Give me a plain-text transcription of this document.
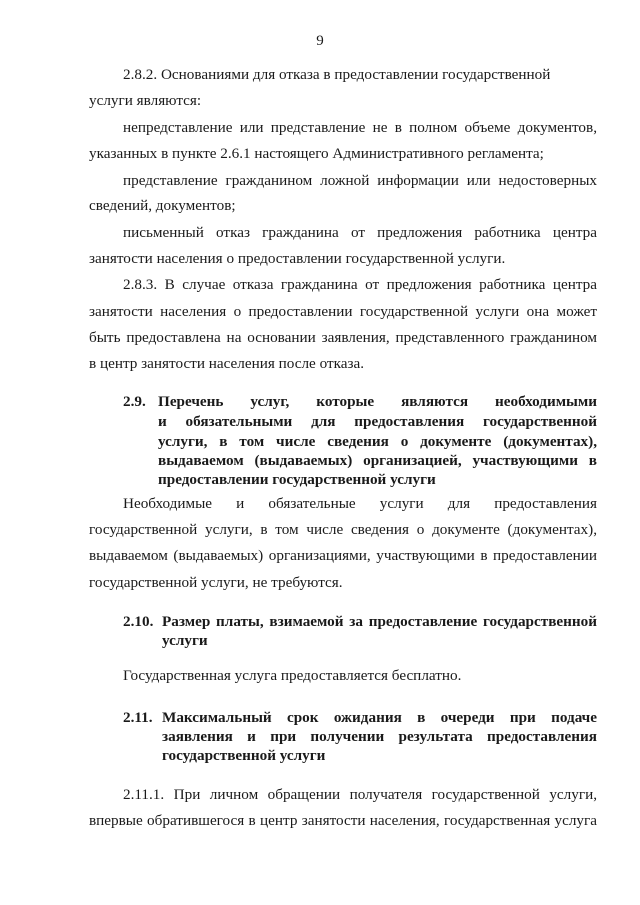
9
2.8.2. Основаниями для отказа в предоставлении государственной
услуги являются:
непредставление или представление не в полном объеме документов,
указанных в пункте 2.6.1 настоящего Административного регламента;
представление гражданином ложной информации или недостоверных
сведений, документов;
письменный отказ гражданина от предложения работника центра
занятости населения о предоставлении государственной услуги.
2.8.3. В случае отказа гражданина от предложения работника центра
занятости населения о предоставлении государственной услуги она может
быть предоставлена на основании заявления, представленного гражданином
в центр занятости населения после отказа.
2.9. Перечень услуг, которые являются необходимыми
и обязательными для предоставления государственной
услуги, в том числе сведения о документе (документах),
выдаваемом (выдаваемых) организацией, участвующими в
предоставлении государственной услуги
Необходимые и обязательные услуги для предоставления
государственной услуги, в том числе сведения о документе (документах),
выдаваемом (выдаваемых) организациями, участвующими в предоставлении
государственной услуги, не требуются.
2.10. Размер платы, взимаемой за предоставление государственной
услуги
Государственная услуга предоставляется бесплатно.
2.11. Максимальный срок ожидания в очереди при подаче
заявления и при получении результата предоставления
государственной услуги
2.11.1. При личном обращении получателя государственной услуги,
впервые обратившегося в центр занятости населения, государственная услуга
